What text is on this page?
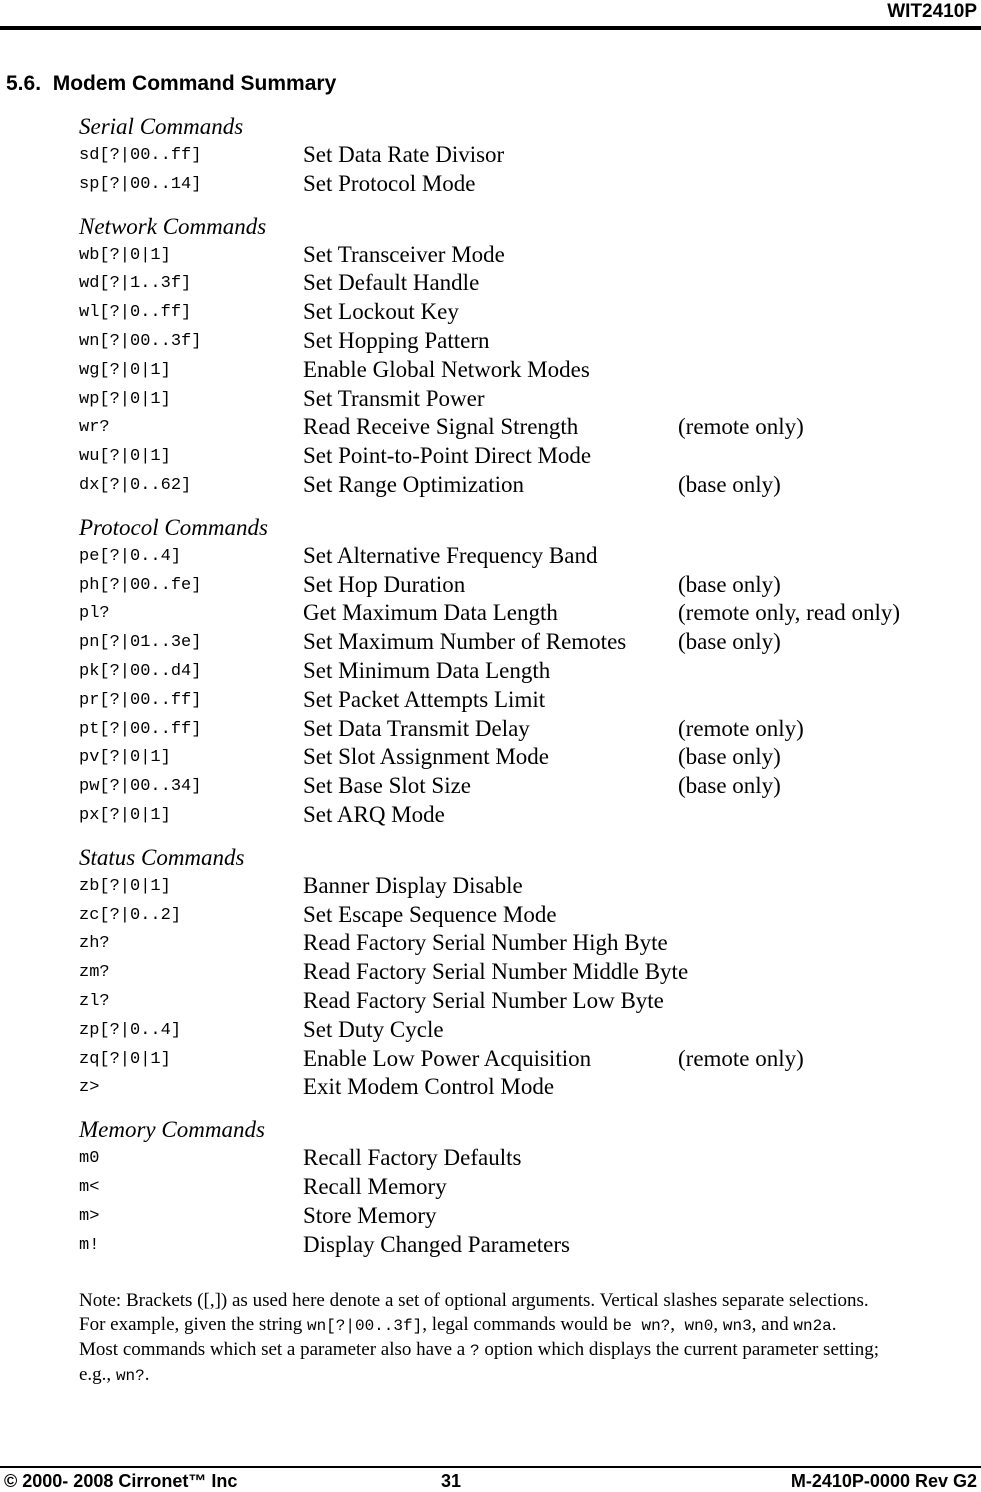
WIT2410P
5.6. Modem Command Summary
Serial Commands
sd[?|00..ff]	Set Data Rate Divisor
sp[?|00..14]	Set Protocol Mode
Network Commands
wb[?|0|1]	Set Transceiver Mode
wd[?|1..3f]	Set Default Handle
wl[?|0..ff]	Set Lockout Key
wn[?|00..3f]	Set Hopping Pattern
wg[?|0|1]	Enable Global Network Modes
wp[?|0|1]	Set Transmit Power
wr?	Read Receive Signal Strength	(remote only)
wu[?|0|1]	Set Point-to-Point Direct Mode
dx[?|0..62]	Set Range Optimization	(base only)
Protocol Commands
pe[?|0..4]	Set Alternative Frequency Band
ph[?|00..fe]	Set Hop Duration	(base only)
pl?	Get Maximum Data Length	(remote only, read only)
pn[?|01..3e]	Set Maximum Number of Remotes (base only)
pk[?|00..d4]	Set Minimum Data Length
pr[?|00..ff]	Set Packet Attempts Limit
pt[?|00..ff]	Set Data Transmit Delay	(remote only)
pv[?|0|1]	Set Slot Assignment Mode	(base only)
pw[?|00..34]	Set Base Slot Size	(base only)
px[?|0|1]	Set ARQ Mode
Status Commands
zb[?|0|1]	Banner Display Disable
zc[?|0..2]	Set Escape Sequence Mode
zh?	Read Factory Serial Number High Byte
zm?	Read Factory Serial Number Middle Byte
zl?	Read Factory Serial Number Low Byte
zp[?|0..4]	Set Duty Cycle
zq[?|0|1]	Enable Low Power Acquisition	(remote only)
z>	Exit Modem Control Mode
Memory Commands
m0	Recall Factory Defaults
m<	Recall Memory
m>	Store Memory
m!	Display Changed Parameters
Note: Brackets ([,]) as used here denote a set of optional arguments. Vertical slashes separate selections.
For example, given the string wn[?|00..3f], legal commands would be wn?,  wn0, wn3, and wn2a.
Most commands which set a parameter also have a ? option which displays the current parameter setting;
e.g., wn?.
© 2000- 2008 Cirronet™ Inc	31	M-2410P-0000 Rev G2
